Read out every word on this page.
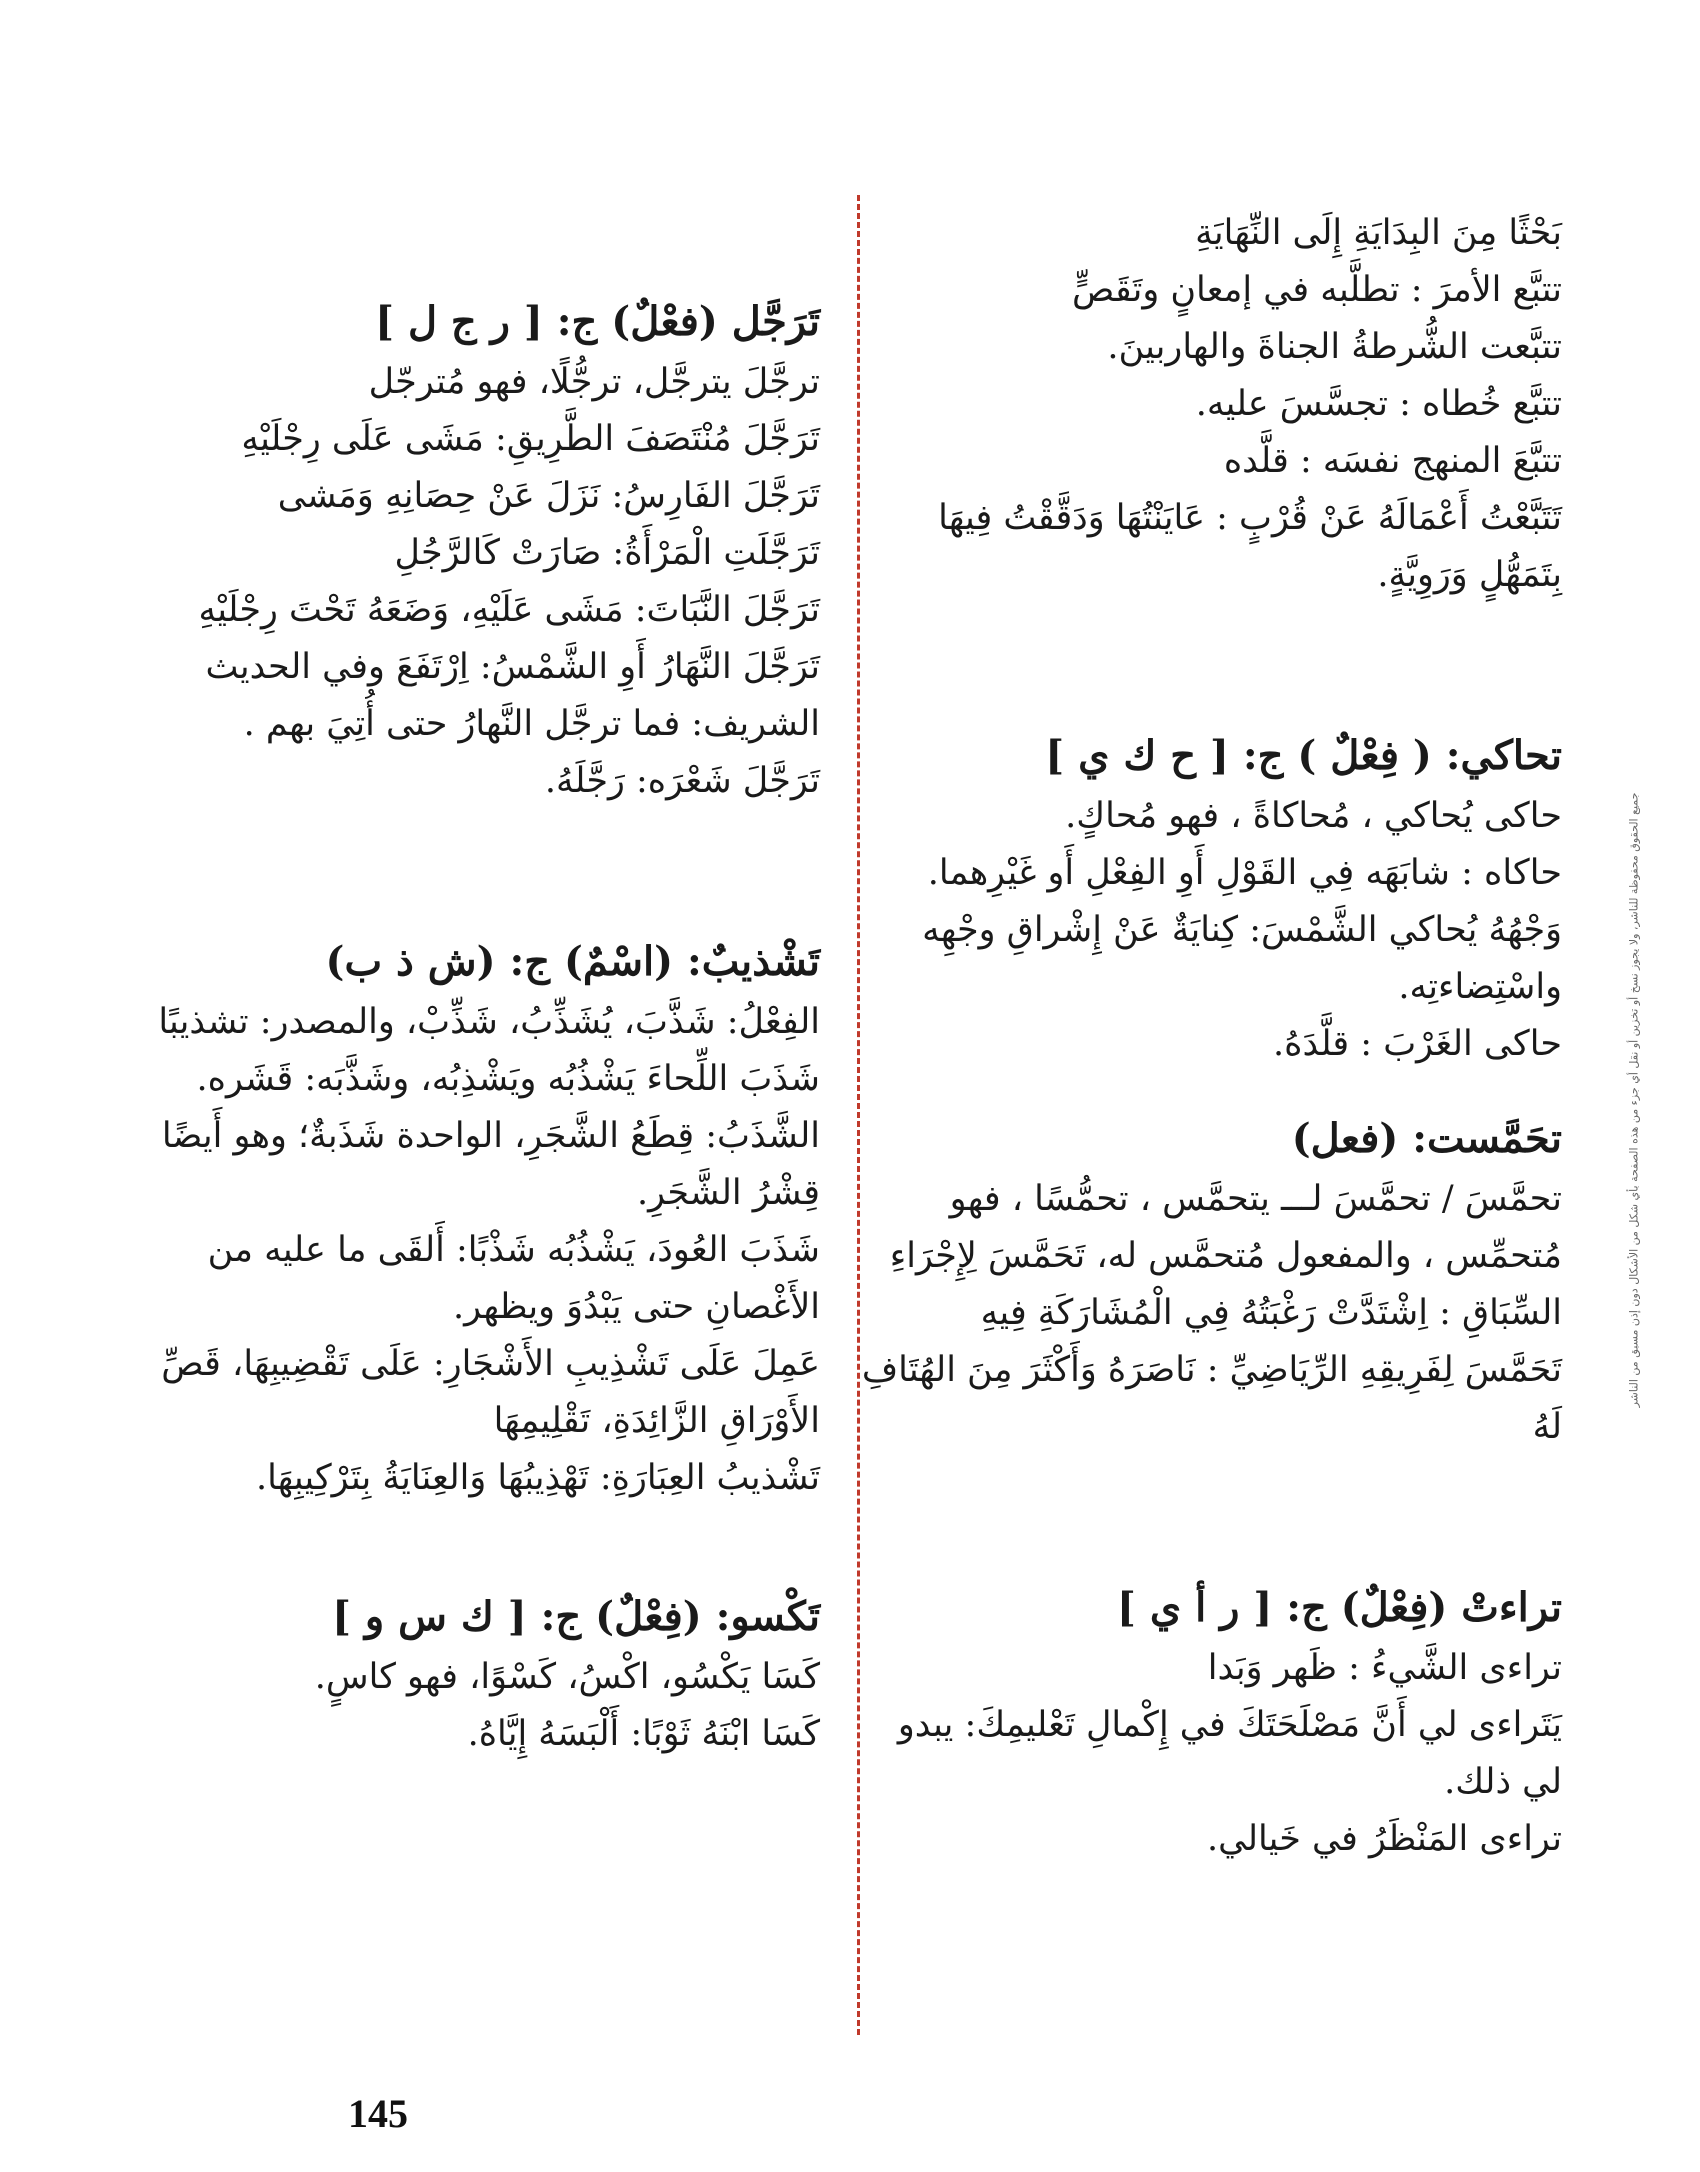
تَرَجَّل (فعْلٌ) ج: [ ر ج ل ]
ترجَّلَ يترجَّل، ترجُّلًا، فهو مُترجّل
تَرَجَّلَ مُنْتَصَفَ الطَّرِيقِ: مَشَى عَلَى رِجْلَيْهِ
تَرَجَّلَ الفَارِسُ: نَزَلَ عَنْ حِصَانِهِ وَمَشى
تَرَجَّلَتِ الْمَرْأَةُ: صَارَتْ كَالرَّجُلِ
تَرَجَّلَ النَّبَاتَ: مَشَى عَلَيْهِ، وَضَعَهُ تَحْتَ رِجْلَيْهِ
تَرَجَّلَ النَّهَارُ أَوِ الشَّمْسُ: اِرْتَفَعَ وفي الحديث
الشريف: فما ترجَّل النَّهارُ حتى أُتِيَ بهم .
تَرَجَّلَ شَعْرَه: رَجَّلَهُ.
تَشْذيبٌ: (اسْمٌ) ج: (ش ذ ب)
الفِعْلُ: شَذَّبَ، يُشَذِّبُ، شَذِّبْ، والمصدر: تشذيبًا
شَذَبَ اللِّحاءَ يَشْذُبُه ويَشْذِبُه، وشَذَّبَه: قَشَره.
الشَّذَبُ: قِطَعُ الشَّجَرِ، الواحدة شَذَبةٌ؛ وهو أَيضًا
قِشْرُ الشَّجَرِ.
شَذَبَ العُودَ، يَشْذُبُه شَذْبًا: أَلقَى ما عليه من
الأَغْصانِ حتى يَبْدُوَ ويظهر.
عَمِلَ عَلَى تَشْذِيبِ الأَشْجَارِ: عَلَى تَقْضِيبِهَا، قَصِّ
الأَوْرَاقِ الزَّائِدَةِ، تَقْلِيمِهَا
تَشْذيبُ العِبَارَةِ: تَهْذِيبُهَا وَالعِنَايَةُ بِتَرْكِيبِهَا.
تَكْسو: (فِعْلٌ) ج: [ ك س و ]
كَسَا يَكْسُو، اكْسُ، كَسْوًا، فهو كاسٍ.
كَسَا ابْنَهُ ثَوْبًا: أَلْبَسَهُ إِيَّاهُ.
بَحْثًا مِنَ البِدَايَةِ إِلَى النِّهَايَةِ
تتبَّع الأمرَ : تطلَّبه في إمعانٍ وتَقَصٍّ
تتبَّعت الشُّرطةُ الجناةَ والهاربينَ.
تتبَّع خُطاه : تجسَّسَ عليه.
تتبَّعَ المنهج نفسَه : قلَّده
تَتَبَّعْتُ أَعْمَالَهُ عَنْ قُرْبٍ : عَايَنْتُهَا وَدَقَّقْتُ فِيهَا
بِتَمَهُّلٍ وَرَوِيَّةٍ.
تحاكي: ( فِعْلٌ ) ج: [ ح ك ي ]
حاكى يُحاكي ، مُحاكاةً ، فهو مُحاكٍ.
حاكاه : شابَهَه فِي القَوْلِ أَوِ الفِعْلِ أَو غَيْرِهما.
وَجْهُهُ يُحاكي الشَّمْسَ: كِنايَةٌ عَنْ إِشْراقِ وجْهِه
واسْتِضاءتِه.
حاكى الغَرْبَ : قلَّدَهُ.
تحَمَّست: (فعل)
تحمَّسَ / تحمَّسَ لـــ يتحمَّس ، تحمُّسًا ، فهو
مُتحمِّس ، والمفعول مُتحمَّس له، تَحَمَّسَ لِإِجْرَاءِ
السِّبَاقِ : اِشْتَدَّتْ رَغْبَتُهُ فِي الْمُشَارَكَةِ فِيهِ
تَحَمَّسَ لِفَرِيقِهِ الرِّيَاضِيِّ : نَاصَرَهُ وَأَكْثَرَ مِنَ الهُتَافِ
لَهُ
تراءتْ (فِعْلٌ) ج: [ ر أ ي ]
تراءى الشَّيءُ : ظَهر وَبَدا
يَتَراءى لي أَنَّ مَصْلَحَتَكَ في إِكْمالِ تَعْليمِكَ: يبدو
لي ذلك.
تراءى المَنْظَرُ في خَيالي.
جميع الحقوق محفوظة للناشر، ولا يجوز نسخ أو تخزين أو نقل أي جزء من هذه الصفحة بأي شكل من الأشكال دون إذن مسبق من الناشر
145
